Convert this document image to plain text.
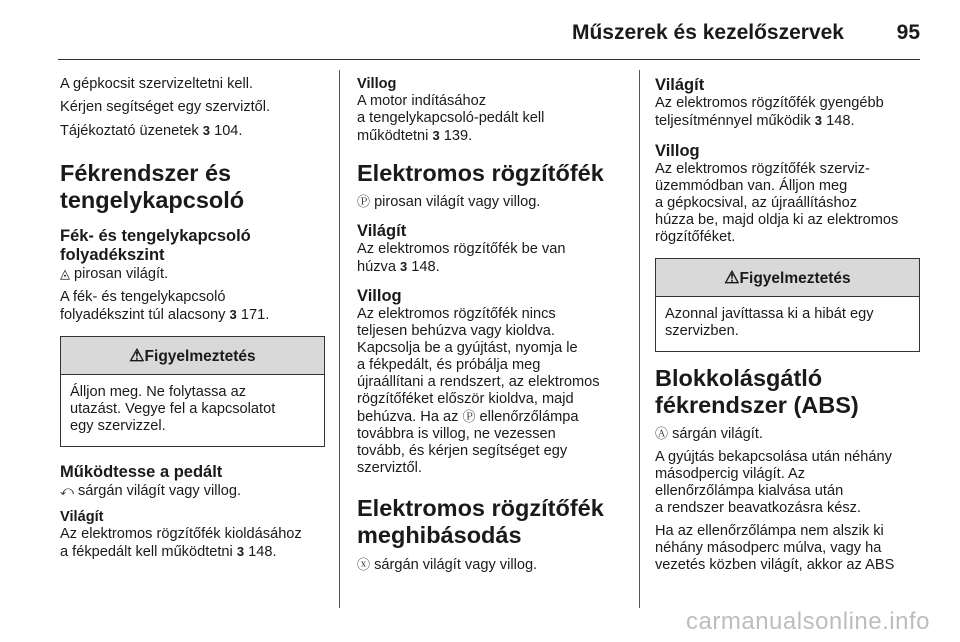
Műszerek és kezelőszervek	95

A gépkocsit szervizeltetni kell.

Kérjen segítséget egy szerviztől.

Tájékoztató üzenetek 3 104.

Fékrendszer és
tengelykapcsoló
Fék- és tengelykapcsoló
folyadékszint

◬ pirosan világít.

A fék- és tengelykapcsoló
folyadékszint túl alacsony 3 171.

⚠Figyelmeztetés
Álljon meg. Ne folytassa az
utazást. Vegye fel a kapcsolatot
egy szervizzel.
Működtesse a pedált

⤺ sárgán világít vagy villog.

Világít

Az elektromos rögzítőfék kioldásához
a fékpedált kell működtetni 3 148.

Villog

A motor indításához
a tengelykapcsoló-pedált kell
működtetni 3 139.

Elektromos rögzítőfék

Ⓟ pirosan világít vagy villog.

Világít

Az elektromos rögzítőfék be van
húzva 3 148.

Villog

Az elektromos rögzítőfék nincs
teljesen behúzva vagy kioldva.
Kapcsolja be a gyújtást, nyomja le
a fékpedált, és próbálja meg
újraállítani a rendszert, az elektromos
rögzítőféket először kioldva, majd
behúzva. Ha az Ⓟ ellenőrzőlámpa
továbbra is villog, ne vezessen
tovább, és kérjen segítséget egy
szerviztől.

Elektromos rögzítőfék
meghibásodás

ⓧ sárgán világít vagy villog.

Világít

Az elektromos rögzítőfék gyengébb
teljesítménnyel működik 3 148.

Villog

Az elektromos rögzítőfék szerviz-
üzemmódban van. Álljon meg
a gépkocsival, az újraállításhoz
húzza be, majd oldja ki az elektromos
rögzítőféket.

⚠Figyelmeztetés
Azonnal javíttassa ki a hibát egy
szervizben.
Blokkolásgátló
fékrendszer (ABS)

Ⓐ sárgán világít.

A gyújtás bekapcsolása után néhány
másodpercig világít. Az
ellenőrzőlámpa kialvása után
a rendszer beavatkozásra kész.

Ha az ellenőrzőlámpa nem alszik ki
néhány másodperc múlva, vagy ha
vezetés közben világít, akkor az ABS

carmanualsonline.info
